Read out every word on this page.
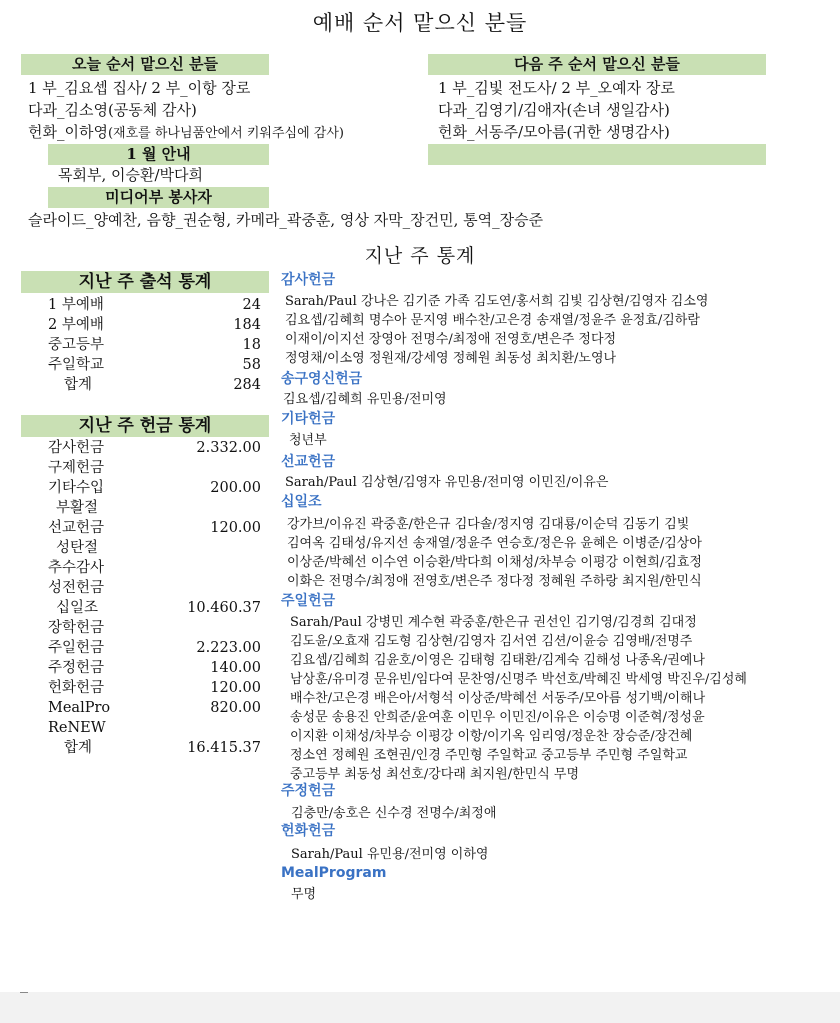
예배 순서 맡으신 분들
오늘 순서 맡으신 분들
1 부_김요셉 집사/ 2 부_이항 장로
다과_김소영(공동체 감사)
헌화_이하영(재호를 하나님품안에서 키워주심에 감사)
다음 주 순서 맡으신 분들
1 부_김빛 전도사/ 2 부_오예자 장로
다과_김영기/김애자(손녀 생일감사)
헌화_서동주/모아름(귀한 생명감사)
1 월 안내
목회부, 이승환/박다희
미디어부 봉사자
슬라이드_양예찬, 음향_권순형, 카메라_곽중훈, 영상 자막_장건민, 통역_장승준
지난 주 통계
지난 주 출석 통계
1 부예배	24
2 부예배	184
중고등부	18
주일학교	58
합계	284
지난 주 헌금 통계
감사헌금	2.332.00
구제헌금
기타수입	200.00
부활절
선교헌금	120.00
성탄절
추수감사
성전헌금
십일조	10.460.37
장학헌금
주일헌금	2.223.00
주정헌금	140.00
헌화헌금	120.00
MealPro	820.00
ReNEW
합계	16.415.37
감사헌금
Sarah/Paul 강나은 김기준 가족 김도연/홍서희 김빛 김상현/김영자 김소영
김요셉/김혜희 명수아 문지영 배수찬/고은경 송재열/정윤주 윤정효/김하람
이재이/이지선 장영아 전명수/최정애 전영호/변은주 정다정
정영채/이소영 정원재/강세영 정혜원 최동성 최치환/노영나
송구영신헌금
김요셉/김혜희 유민용/전미영
기타헌금
청년부
선교헌금
Sarah/Paul 김상현/김영자 유민용/전미영 이민진/이유은
십일조
강가브/이유진 곽중훈/한은규 김다솔/정지영 김대룡/이순덕 김동기 김빛
김여옥 김태성/유지선 송재열/정윤주 연승호/정은유 윤혜은 이병준/김상아
이상준/박혜선 이수연 이승환/박다희 이채성/차부승 이평강 이현희/김효정
이화은 전명수/최정애 전영호/변은주 정다정 정혜원 주하랑 최지원/한민식
주일헌금
Sarah/Paul 강병민 계수현 곽중훈/한은규 권선인 김기영/김경희 김대정
김도윤/오효재 김도형 김상현/김영자 김서연 김션/이윤승 김영배/전명주
김요셉/김혜희 김윤호/이영은 김태형 김태환/김계숙 김해성 나종옥/권예나
남상훈/유미경 문유빈/임다여 문찬영/신명주 박선호/박혜진 박세영 박진우/김성혜
배수찬/고은경 배은아/서형석 이상준/박혜선 서동주/모아름 성기백/이해나
송성문 송용진 안희준/윤여훈 이민우 이민진/이유은 이승명 이준혁/정성윤
이지환 이채성/차부승 이평강 이항/이기옥 임리영/정운찬 장승준/장건혜
정소연 정혜원 조현권/인경 주민형 주일학교 중고등부 주민형 주일학교
중고등부 최동성 최선호/강다래 최지원/한민식 무명
주정헌금
김충만/송호은 신수경 전명수/최정애
헌화헌금
Sarah/Paul 유민용/전미영 이하영
MealProgram
무명
